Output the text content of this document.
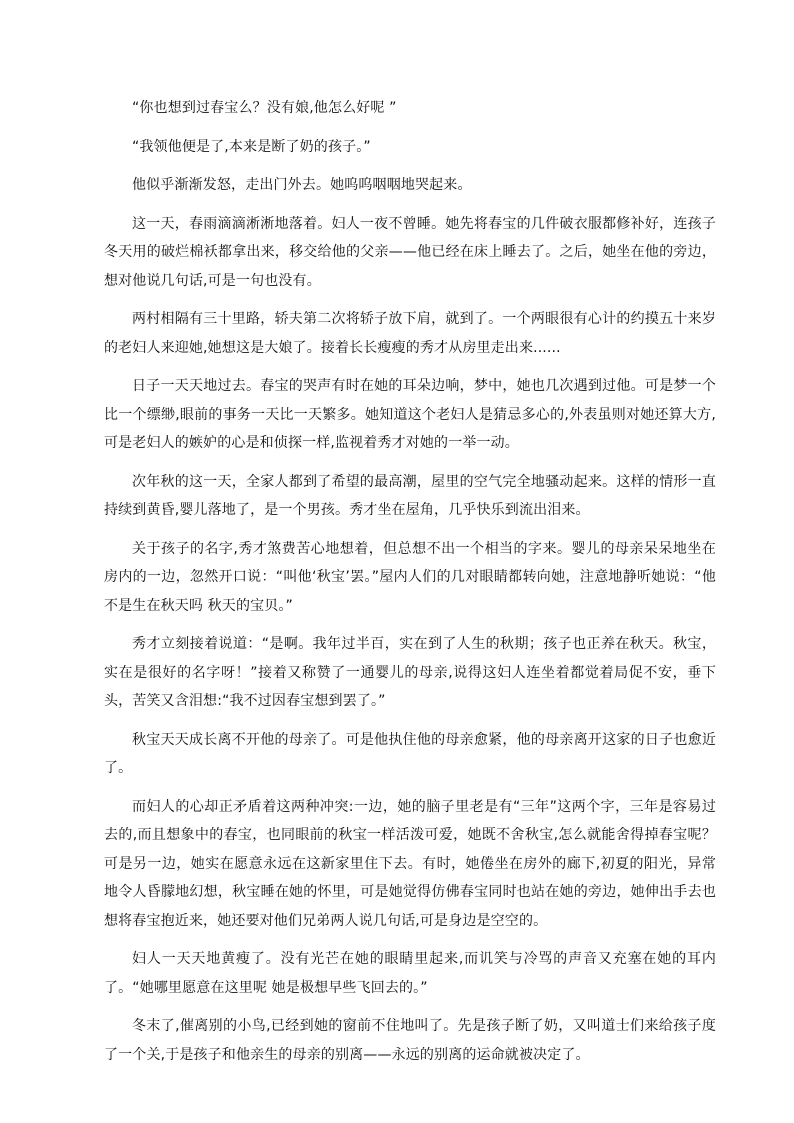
“你也想到过春宝么？没有娘,他怎么好呢 ”

“我领他便是了,本来是断了奶的孩子。”

他似乎渐渐发怒，走出门外去。她呜呜咽咽地哭起来。

这一天，春雨滴滴淅淅地落着。妇人一夜不曾睡。她先将春宝的几件破衣服都修补好，连孩子冬天用的破烂棉袄都拿出来，移交给他的父亲——他已经在床上睡去了。之后，她坐在他的旁边，想对他说几句话,可是一句也没有。

两村相隔有三十里路，轿夫第二次将轿子放下肩，就到了。一个两眼很有心计的约摸五十来岁的老妇人来迎她,她想这是大娘了。接着长长瘦瘦的秀才从房里走出来......

日子一天天地过去。春宝的哭声有时在她的耳朵边响，梦中，她也几次遇到过他。可是梦一个比一个缥缈,眼前的事务一天比一天繁多。她知道这个老妇人是猜忌多心的,外表虽则对她还算大方,可是老妇人的嫉妒的心是和侦探一样,监视着秀才对她的一举一动。

次年秋的这一天，全家人都到了希望的最高潮，屋里的空气完全地骚动起来。这样的情形一直持续到黄昏,婴儿落地了，是一个男孩。秀才坐在屋角，几乎快乐到流出泪来。

关于孩子的名字,秀才煞费苦心地想着，但总想不出一个相当的字来。婴儿的母亲呆呆地坐在房内的一边，忽然开口说：“叫他‘秋宝’罢。”屋内人们的几对眼睛都转向她，注意地静听她说：“他不是生在秋天吗 秋天的宝贝。”

秀才立刻接着说道：“是啊。我年过半百，实在到了人生的秋期；孩子也正养在秋天。秋宝，实在是很好的名字呀！”接着又称赞了一通婴儿的母亲,说得这妇人连坐着都觉着局促不安，垂下头，苦笑又含泪想:“我不过因春宝想到罢了。”

秋宝天天成长离不开他的母亲了。可是他执住他的母亲愈紧，他的母亲离开这家的日子也愈近了。

而妇人的心却正矛盾着这两种冲突:一边，她的脑子里老是有“三年”这两个字，三年是容易过去的,而且想象中的春宝，也同眼前的秋宝一样活泼可爱，她既不舍秋宝,怎么就能舍得掉春宝呢？可是另一边，她实在愿意永远在这新家里住下去。有时，她倦坐在房外的廊下,初夏的阳光，异常地令人昏朦地幻想，秋宝睡在她的怀里，可是她觉得仿佛春宝同时也站在她的旁边，她伸出手去也想将春宝抱近来，她还要对他们兄弟两人说几句话,可是身边是空空的。

妇人一天天地黄瘦了。没有光芒在她的眼睛里起来,而讥笑与冷骂的声音又充塞在她的耳内了。“她哪里愿意在这里呢 她是极想早些飞回去的。”

冬末了,催离别的小鸟,已经到她的窗前不住地叫了。先是孩子断了奶，又叫道士们来给孩子度了一个关,于是孩子和他亲生的母亲的别离——永远的别离的运命就被决定了。
